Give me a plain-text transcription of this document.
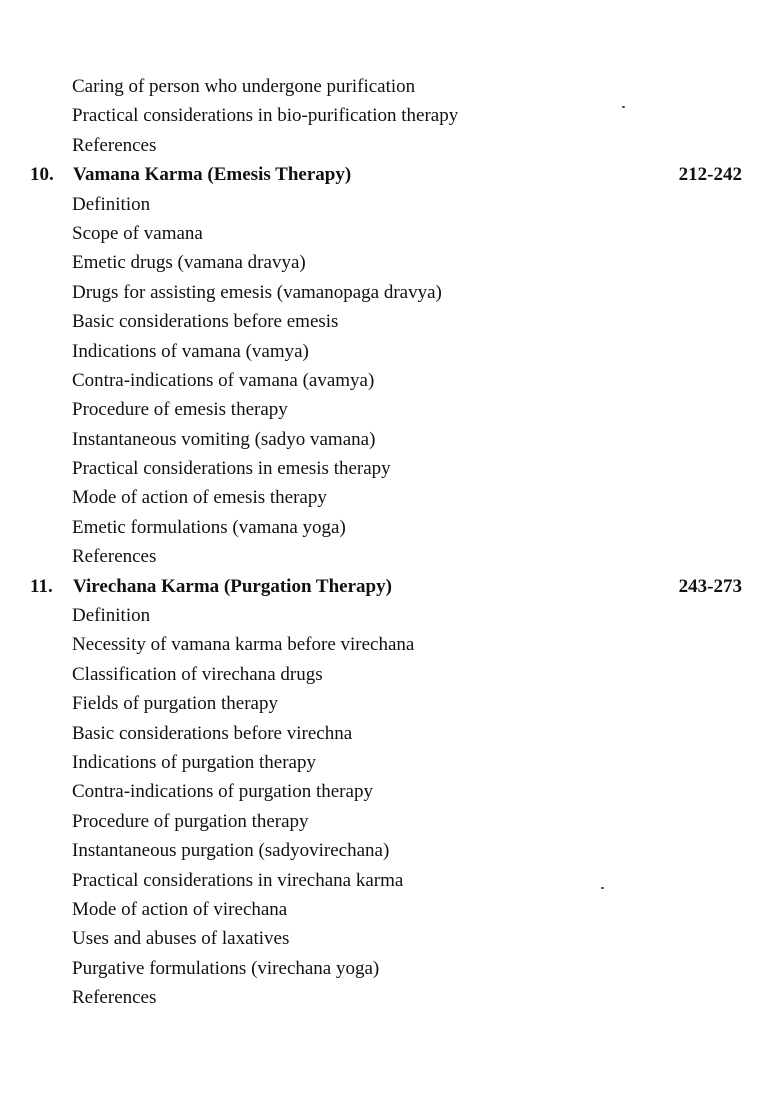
Caring of person who undergone purification
Practical considerations in bio-purification therapy
References
10. Vamana Karma (Emesis Therapy)	212-242
Definition
Scope of vamana
Emetic drugs (vamana dravya)
Drugs for assisting emesis (vamanopaga dravya)
Basic considerations before emesis
Indications of vamana (vamya)
Contra-indications of vamana (avamya)
Procedure of emesis therapy
Instantaneous vomiting (sadyo vamana)
Practical considerations in emesis therapy
Mode of action of emesis therapy
Emetic formulations (vamana yoga)
References
11. Virechana Karma (Purgation Therapy)	243-273
Definition
Necessity of vamana karma before virechana
Classification of virechana drugs
Fields of purgation therapy
Basic considerations before virechna
Indications of purgation therapy
Contra-indications of purgation therapy
Procedure of purgation therapy
Instantaneous purgation (sadyovirechana)
Practical considerations in virechana karma
Mode of action of virechana
Uses and abuses of laxatives
Purgative formulations (virechana yoga)
References
